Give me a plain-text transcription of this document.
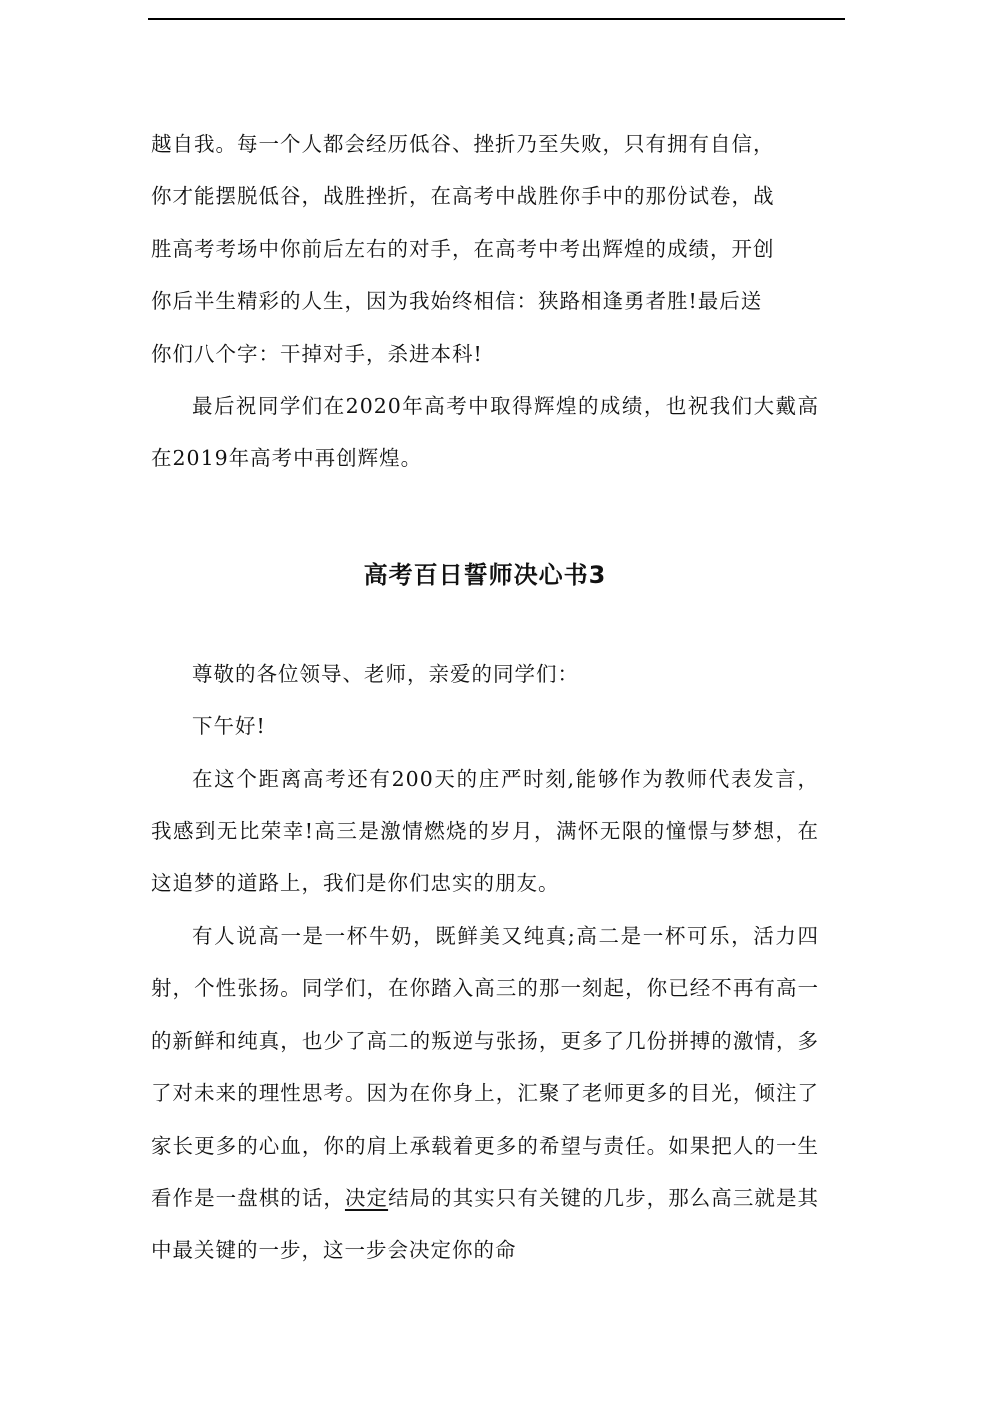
越自我。每一个人都会经历低谷、挫折乃至失败，只有拥有自信，
你才能摆脱低谷，战胜挫折，在高考中战胜你手中的那份试卷，战
胜高考考场中你前后左右的对手，在高考中考出辉煌的成绩，开创
你后半生精彩的人生，因为我始终相信：狭路相逢勇者胜!最后送
你们八个字：干掉对手，杀进本科!

最后祝同学们在2020年高考中取得辉煌的成绩，也祝我们大戴高在2019年高考中再创辉煌。

高考百日誓师决心书3

尊敬的各位领导、老师，亲爱的同学们：

下午好!

在这个距离高考还有200天的庄严时刻,能够作为教师代表发言，我感到无比荣幸!高三是激情燃烧的岁月，满怀无限的憧憬与梦想，在这追梦的道路上，我们是你们忠实的朋友。

有人说高一是一杯牛奶，既鲜美又纯真;高二是一杯可乐，活力四射，个性张扬。同学们，在你踏入高三的那一刻起，你已经不再有高一的新鲜和纯真，也少了高二的叛逆与张扬，更多了几份拼搏的激情，多了对未来的理性思考。因为在你身上，汇聚了老师更多的目光，倾注了家长更多的心血，你的肩上承载着更多的希望与责任。如果把人的一生看作是一盘棋的话，决定结局的其实只有关键的几步，那么高三就是其中最关键的一步，这一步会决定你的命
